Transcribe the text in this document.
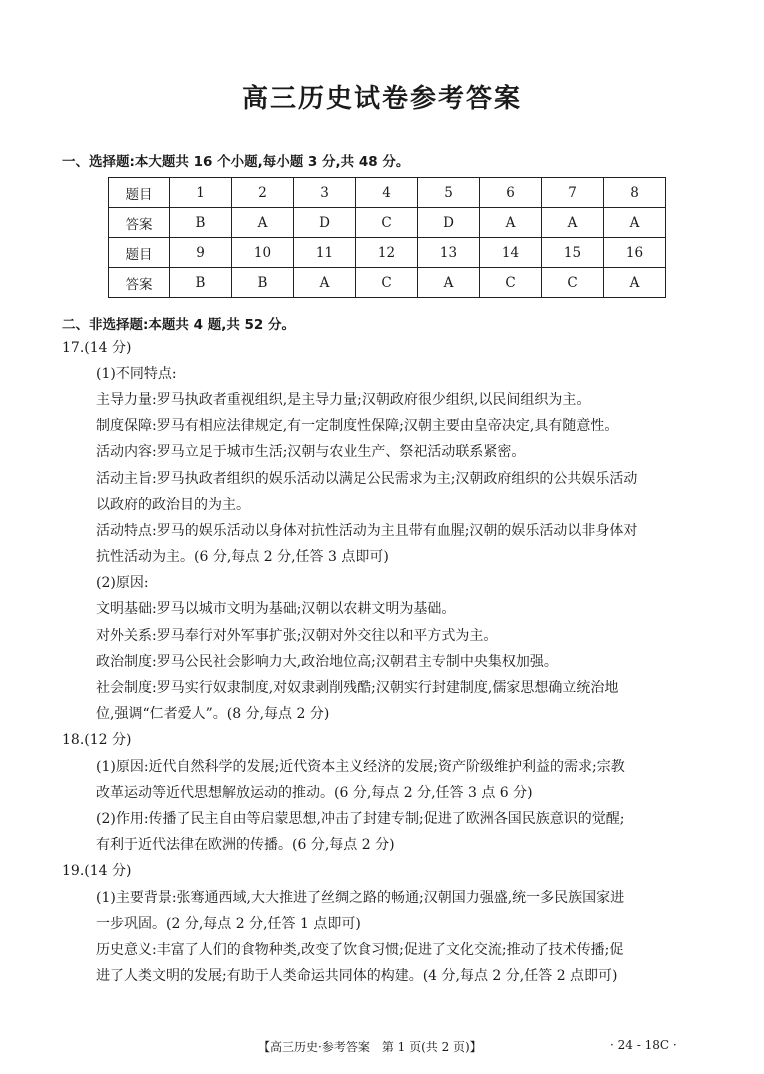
高三历史试卷参考答案
一、选择题:本大题共 16 个小题,每小题 3 分,共 48 分。
题目	1	2	3	4	5	6	7	8
答案	B	A	D	C	D	A	A	A
题目	9	10	11	12	13	14	15	16
答案	B	B	A	C	A	C	C	A
二、非选择题:本题共 4 题,共 52 分。
17.(14 分)
(1)不同特点:
主导力量:罗马执政者重视组织,是主导力量;汉朝政府很少组织,以民间组织为主。
制度保障:罗马有相应法律规定,有一定制度性保障;汉朝主要由皇帝决定,具有随意性。
活动内容:罗马立足于城市生活;汉朝与农业生产、祭祀活动联系紧密。
活动主旨:罗马执政者组织的娱乐活动以满足公民需求为主;汉朝政府组织的公共娱乐活动
以政府的政治目的为主。
活动特点:罗马的娱乐活动以身体对抗性活动为主且带有血腥;汉朝的娱乐活动以非身体对
抗性活动为主。(6 分,每点 2 分,任答 3 点即可)
(2)原因:
文明基础:罗马以城市文明为基础;汉朝以农耕文明为基础。
对外关系:罗马奉行对外军事扩张;汉朝对外交往以和平方式为主。
政治制度:罗马公民社会影响力大,政治地位高;汉朝君主专制中央集权加强。
社会制度:罗马实行奴隶制度,对奴隶剥削残酷;汉朝实行封建制度,儒家思想确立统治地
位,强调“仁者爱人”。(8 分,每点 2 分)
18.(12 分)
(1)原因:近代自然科学的发展;近代资本主义经济的发展;资产阶级维护利益的需求;宗教
改革运动等近代思想解放运动的推动。(6 分,每点 2 分,任答 3 点 6 分)
(2)作用:传播了民主自由等启蒙思想,冲击了封建专制;促进了欧洲各国民族意识的觉醒;
有利于近代法律在欧洲的传播。(6 分,每点 2 分)
19.(14 分)
(1)主要背景:张骞通西域,大大推进了丝绸之路的畅通;汉朝国力强盛,统一多民族国家进
一步巩固。(2 分,每点 2 分,任答 1 点即可)
历史意义:丰富了人们的食物种类,改变了饮食习惯;促进了文化交流;推动了技术传播;促
进了人类文明的发展;有助于人类命运共同体的构建。(4 分,每点 2 分,任答 2 点即可)
【高三历史·参考答案　第 1 页(共 2 页)】	· 24 - 18C ·
